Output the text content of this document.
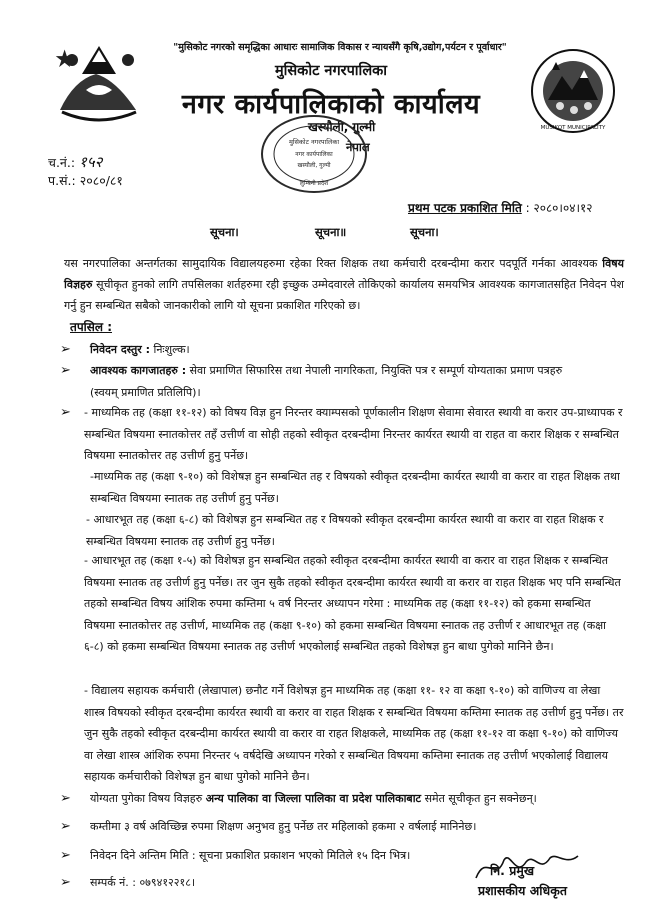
"मुसिकोट नगरको समृद्धिका आधारः सामाजिक विकास र न्यायसँगै कृषि,उद्योग,पर्यटन र पूर्वाधार"
MUSIKOT MUNICIPALITY
मुसिकोट नगरपालिका
नगर कार्यपालिकाको कार्यालय
खस्यौली, गुल्मी
नेपाल
मुसिकोट नगरपालिका
नगर कार्यपालिका
खस्यौली, गुल्मी
लुम्बिनी प्रदेश
च.नं.: १५२
प.सं.: २०८०/८१
प्रथम पटक प्रकाशित मिति : २०८०।०४।१२
सूचना।	सूचना॥	सूचना।
यस नगरपालिका अन्तर्गतका सामुदायिक विद्यालयहरुमा रहेका रिक्त शिक्षक तथा कर्मचारी दरबन्दीमा करार पदपूर्ति गर्नका आवश्यक विषय विज्ञहरु सूचीकृत हुनको लागि तपसिलका शर्तहरुमा रही इच्छुक उम्मेदवारले तोकिएको कार्यालय समयभित्र आवश्यक कागजातसहित निवेदन पेश गर्नु हुन सम्बन्धित सबैको जानकारीको लागि यो सूचना प्रकाशित गरिएको छ।
तपसिल :
➢	निवेदन दस्तुर : निःशुल्क।
➢	आवश्यक कागजातहरु : सेवा प्रमाणित सिफारिस तथा नेपाली नागरिकता, नियुक्ति पत्र र सम्पूर्ण योग्यताका प्रमाण पत्रहरु
(स्वयम् प्रमाणित प्रतिलिपि)।
➢	- माध्यमिक तह (कक्षा ११-१२) को विषय विज्ञ हुन निरन्तर क्याम्पसको पूर्णकालीन शिक्षण सेवामा सेवारत स्थायी वा करार उप-प्राध्यापक र सम्बन्धित विषयमा स्नातकोत्तर तहँ उत्तीर्ण वा सोही तहको स्वीकृत दरबन्दीमा निरन्तर कार्यरत स्थायी वा राहत वा करार शिक्षक र सम्बन्धित विषयमा स्नातकोत्तर तह उत्तीर्ण हुनु पर्नेछ।
-माध्यमिक तह (कक्षा ९-१०) को विशेषज्ञ हुन सम्बन्धित तह र विषयको स्वीकृत दरबन्दीमा कार्यरत स्थायी वा करार वा राहत शिक्षक तथा सम्बन्धित विषयमा स्नातक तह उत्तीर्ण हुनु पर्नेछ।
- आधारभूत तह (कक्षा ६-८) को विशेषज्ञ हुन सम्बन्धित तह र विषयको स्वीकृत दरबन्दीमा कार्यरत स्थायी वा करार वा राहत शिक्षक र सम्बन्धित विषयमा स्नातक तह उत्तीर्ण हुनु पर्नेछ।
- आधारभूत तह (कक्षा १-५) को विशेषज्ञ हुन सम्बन्धित तहको स्वीकृत दरबन्दीमा कार्यरत स्थायी वा करार वा राहत शिक्षक र सम्बन्धित विषयमा स्नातक तह उत्तीर्ण हुनु पर्नेछ। तर जुन सुकै तहको स्वीकृत दरबन्दीमा कार्यरत स्थायी वा करार वा राहत शिक्षक भए पनि सम्बन्धित तहको सम्बन्धित विषय आंशिक रुपमा कम्तिमा ५ वर्ष निरन्तर अध्यापन गरेमा : माध्यमिक तह (कक्षा ११-१२) को हकमा सम्बन्धित विषयमा स्नातकोत्तर तह उत्तीर्ण, माध्यमिक तह (कक्षा ९-१०) को हकमा सम्बन्धित विषयमा स्नातक तह उत्तीर्ण र आधारभूत तह (कक्षा ६-८) को हकमा सम्बन्धित विषयमा स्नातक तह उत्तीर्ण भएकोलाई सम्बन्धित तहको विशेषज्ञ हुन बाधा पुगेको मानिने छैन।
- विद्यालय सहायक कर्मचारी (लेखापाल) छनौट गर्ने विशेषज्ञ हुन माध्यमिक तह (कक्षा ११- १२ वा कक्षा ९-१०) को वाणिज्य वा लेखा शास्त्र विषयको स्वीकृत दरबन्दीमा कार्यरत स्थायी वा करार वा राहत शिक्षक र सम्बन्धित विषयमा कम्तिमा स्नातक तह उत्तीर्ण हुनु पर्नेछ। तर जुन सुकै तहको स्वीकृत दरबन्दीमा कार्यरत स्थायी वा करार वा राहत शिक्षकले, माध्यमिक तह (कक्षा ११-१२ वा कक्षा ९-१०) को वाणिज्य वा लेखा शास्त्र आंशिक रुपमा निरन्तर ५ वर्षदेखि अध्यापन गरेको र सम्बन्धित विषयमा कम्तिमा स्नातक तह उत्तीर्ण भएकोलाई विद्यालय सहायक कर्मचारीको विशेषज्ञ हुन बाधा पुगेको मानिने छैन।
➢	योग्यता पुगेका विषय विज्ञहरु अन्य पालिका वा जिल्ला पालिका वा प्रदेश पालिकाबाट समेत सूचीकृत हुन सक्नेछन्।
➢	कम्तीमा ३ वर्ष अविच्छिन्न रुपमा शिक्षण अनुभव हुनु पर्नेछ तर महिलाको हकमा २ वर्षलाई मानिनेछ।
➢	निवेदन दिने अन्तिम मिति : सूचना प्रकाशित प्रकाशन भएको मितिले १५ दिन भित्र।
➢	सम्पर्क नं. : ०७९४१२२१८।
नि. प्रमुख
प्रशासकीय अधिकृत
